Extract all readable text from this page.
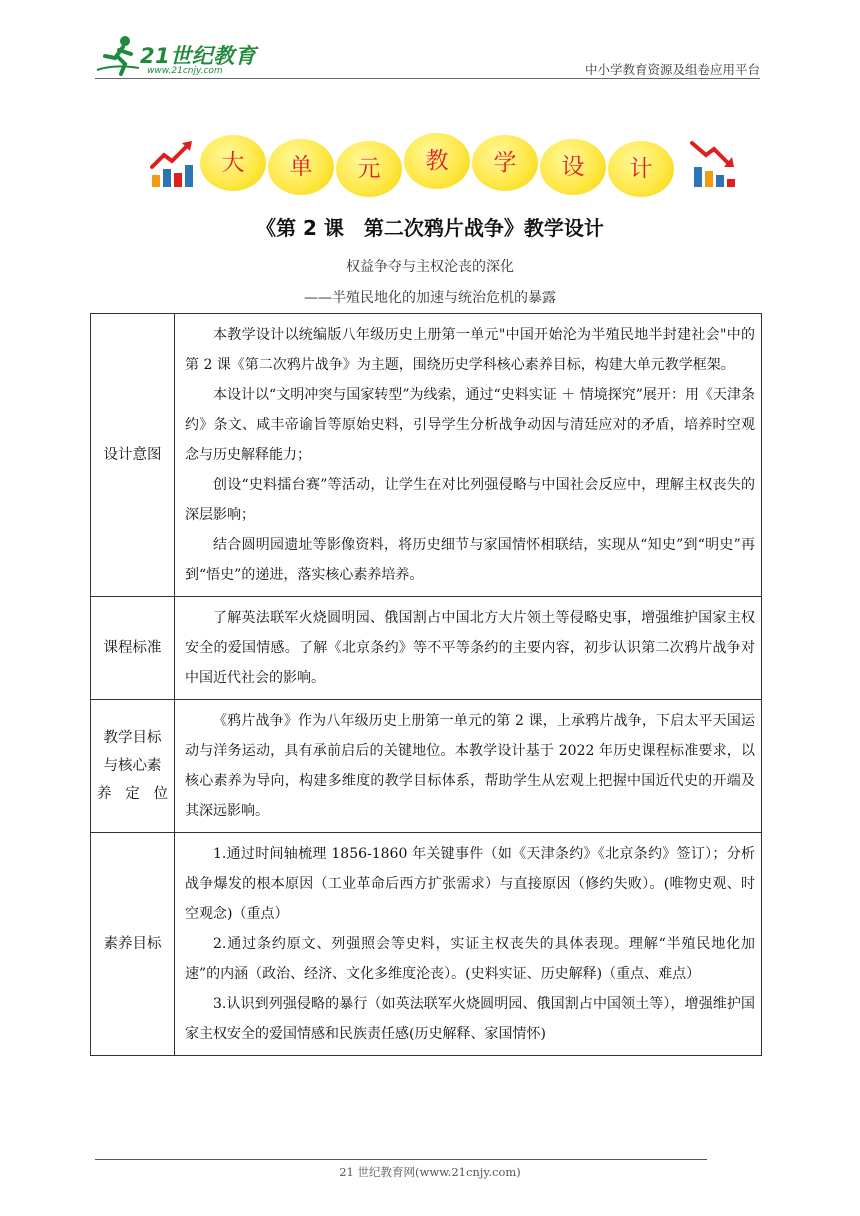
21世纪教育
www.21cnjy.com	中小学教育资源及组卷应用平台
大	单	元	教	学	设	计
《第 2 课　第二次鸦片战争》教学设计
权益争夺与主权沦丧的深化
——半殖民地化的加速与统治危机的暴露
设计意图	本教学设计以统编版八年级历史上册第一单元"中国开始沦为半殖民地半封建社会"中的第 2 课《第二次鸦片战争》为主题，围绕历史学科核心素养目标，构建大单元教学框架。

本设计以“文明冲突与国家转型”为线索，通过“史料实证 ＋ 情境探究”展开：用《天津条约》条文、咸丰帝谕旨等原始史料，引导学生分析战争动因与清廷应对的矛盾，培养时空观念与历史解释能力；

创设“史料擂台赛”等活动，让学生在对比列强侵略与中国社会反应中，理解主权丧失的深层影响；

结合圆明园遗址等影像资料，将历史细节与家国情怀相联结，实现从“知史”到“明史”再到“悟史”的递进，落实核心素养培养。

课程标准	了解英法联军火烧圆明园、俄国割占中国北方大片领土等侵略史事，增强维护国家主权安全的爱国情感。了解《北京条约》等不平等条约的主要内容，初步认识第二次鸦片战争对中国近代社会的影响。

教学目标与核心素养定位	《鸦片战争》作为八年级历史上册第一单元的第 2 课，上承鸦片战争，下启太平天国运动与洋务运动，具有承前启后的关键地位。本教学设计基于 2022 年历史课程标准要求，以核心素养为导向，构建多维度的教学目标体系，帮助学生从宏观上把握中国近代史的开端及其深远影响。

素养目标	1.通过时间轴梳理 1856-1860 年关键事件（如《天津条约》《北京条约》签订）；分析战争爆发的根本原因（工业革命后西方扩张需求）与直接原因（修约失败）。(唯物史观、时空观念)（重点）

2.通过条约原文、列强照会等史料，实证主权丧失的具体表现。理解“半殖民地化加速”的内涵（政治、经济、文化多维度沦丧）。(史料实证、历史解释)（重点、难点）

3.认识到列强侵略的暴行（如英法联军火烧圆明园、俄国割占中国领土等），增强维护国家主权安全的爱国情感和民族责任感(历史解释、家国情怀)

21 世纪教育网(www.21cnjy.com)
